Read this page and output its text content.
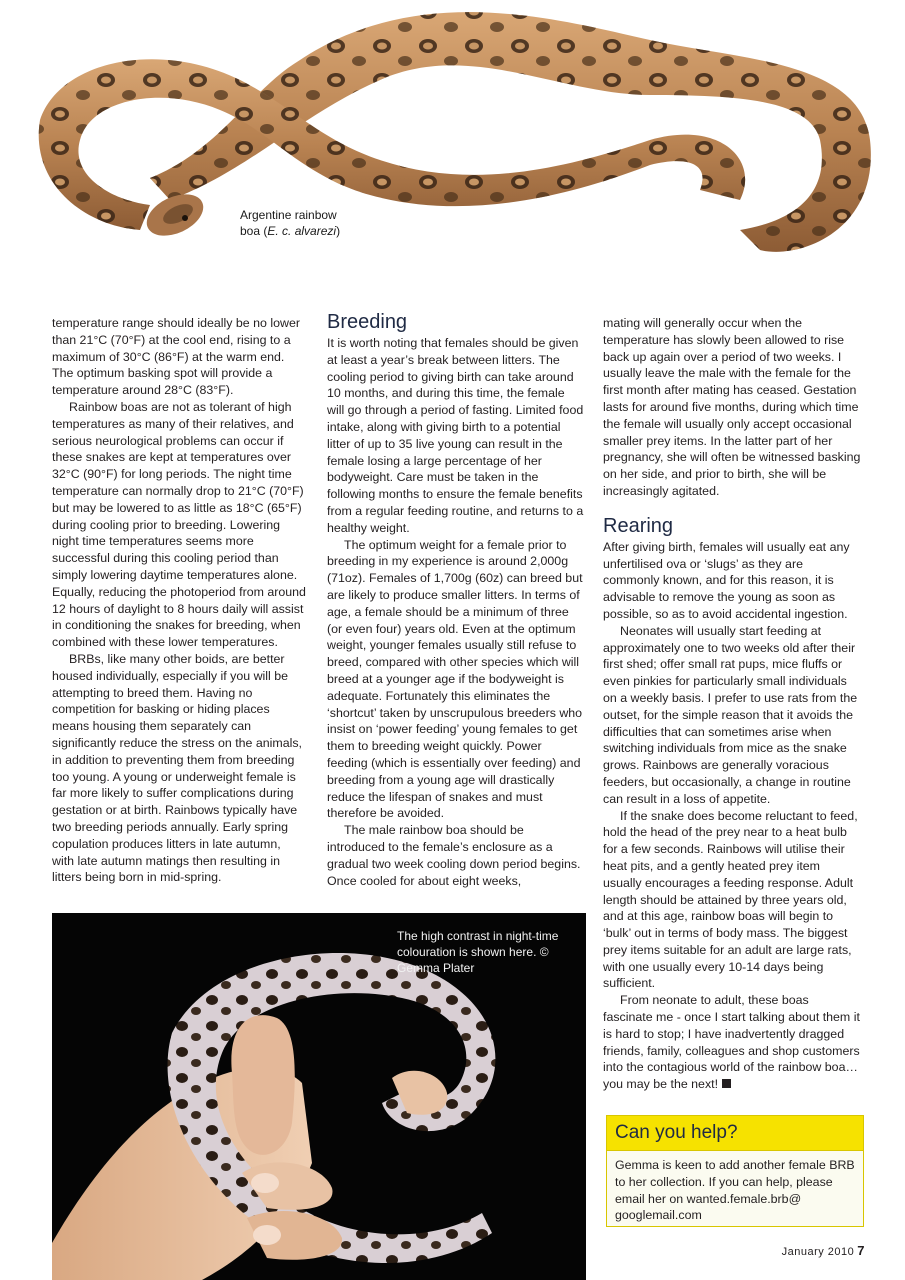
Argentine rainbow
boa (E. c. alvarezi)

temperature range should ideally be no lower than 21°C (70°F) at the cool end, rising to a maximum of 30°C (86°F) at the warm end. The optimum basking spot will provide a temperature around 28°C (83°F).

Rainbow boas are not as tolerant of high temperatures as many of their relatives, and serious neurological problems can occur if these snakes are kept at temperatures over 32°C (90°F) for long periods. The night time temperature can normally drop to 21°C (70°F) but may be lowered to as little as 18°C (65°F) during cooling prior to breeding. Lowering night time temperatures seems more successful during this cooling period than simply lowering daytime temperatures alone. Equally, reducing the photoperiod from around 12 hours of daylight to 8 hours daily will assist in conditioning the snakes for breeding, when combined with these lower temperatures.

BRBs, like many other boids, are better housed individually, especially if you will be attempting to breed them. Having no competition for basking or hiding places means housing them separately can significantly reduce the stress on the animals, in addition to preventing them from breeding too young. A young or underweight female is far more likely to suffer complications during gestation or at birth. Rainbows typically have two breeding periods annually. Early spring copulation produces litters in late autumn, with late autumn matings then resulting in litters being born in mid-spring.

Breeding

It is worth noting that females should be given at least a year’s break between litters. The cooling period to giving birth can take around 10 months, and during this time, the female will go through a period of fasting. Limited food intake, along with giving birth to a potential litter of up to 35 live young can result in the female losing a large percentage of her bodyweight. Care must be taken in the following months to ensure the female benefits from a regular feeding routine, and returns to a healthy weight.

The optimum weight for a female prior to breeding in my experience is around 2,000g (71oz). Females of 1,700g (60z) can breed but are likely to produce smaller litters. In terms of age, a female should be a minimum of three (or even four) years old. Even at the optimum weight, younger females usually still refuse to breed, compared with other species which will breed at a younger age if the bodyweight is adequate. Fortunately this eliminates the ‘shortcut’ taken by unscrupulous breeders who insist on ‘power feeding’ young females to get them to breeding weight quickly. Power feeding (which is essentially over feeding) and breeding from a young age will drastically reduce the lifespan of snakes and must therefore be avoided.

The male rainbow boa should be introduced to the female’s enclosure as a gradual two week cooling down period begins. Once cooled for about eight weeks,

mating will generally occur when the temperature has slowly been allowed to rise back up again over a period of two weeks. I usually leave the male with the female for the first month after mating has ceased. Gestation lasts for around five months, during which time the female will usually only accept occasional smaller prey items. In the latter part of her pregnancy, she will often be witnessed basking on her side, and prior to birth, she will be increasingly agitated.

Rearing

After giving birth, females will usually eat any unfertilised ova or ‘slugs’ as they are commonly known, and for this reason, it is advisable to remove the young as soon as possible, so as to avoid accidental ingestion.

Neonates will usually start feeding at approximately one to two weeks old after their first shed; offer small rat pups, mice fluffs or even pinkies for particularly small individuals on a weekly basis. I prefer to use rats from the outset, for the simple reason that it avoids the difficulties that can sometimes arise when switching individuals from mice as the snake grows. Rainbows are generally voracious feeders, but occasionally, a change in routine can result in a loss of appetite.

If the snake does become reluctant to feed, hold the head of the prey near to a heat bulb for a few seconds. Rainbows will utilise their heat pits, and a gently heated prey item usually encourages a feeding response. Adult length should be attained by three years old, and at this age, rainbow boas will begin to ‘bulk’ out in terms of body mass. The biggest prey items suitable for an adult are large rats, with one usually every 10-14 days being sufficient.

From neonate to adult, these boas fascinate me - once I start talking about them it is hard to stop; I have inadvertently dragged friends, family, colleagues and shop customers into the contagious world of the rainbow boa… you may be the next!

The high contrast in night-time colouration is shown here. © Gemma Plater
Can you help?
Gemma is keen to add another female BRB to her collection. If you can help, please email her on wanted.female.brb@ googlemail.com
January 2010 7
